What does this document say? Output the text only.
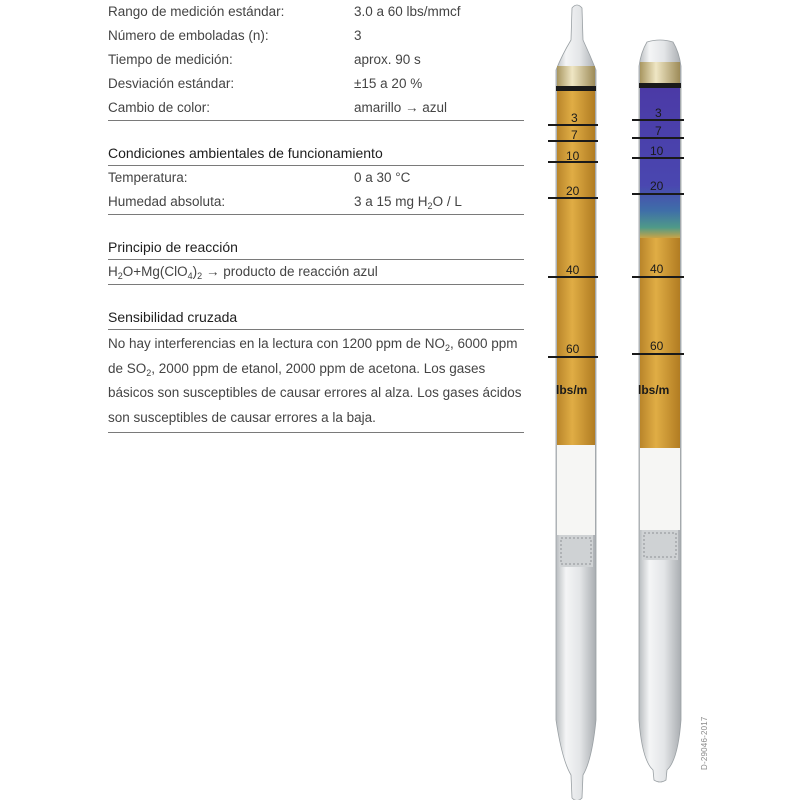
Rango de medición estándar:	3.0 a 60 lbs/mmcf
Número de emboladas (n):	3
Tiempo de medición:	aprox. 90 s
Desviación estándar:	±15 a 20 %
Cambio de color:	amarillo → azul
Condiciones ambientales de funcionamiento
Temperatura:	0 a 30 °C
Humedad absoluta:	3 a 15 mg $H_2O$ / L
Principio de reacción
$H_2O+Mg(ClO_4)_2$ → producto de reacción azul
Sensibilidad cruzada
No hay interferencias en la lectura con 1200 ppm de $NO_2$, 6000 ppm de $SO_2$, 2000 ppm de etanol, 2000 ppm de acetona. Los gases básicos son susceptibles de causar errores al alza. Los gases ácidos son susceptibles de causar errores a la baja.
3
7
10
20
40
60
lbs/m
3
7
10
20
40
60
lbs/m
D-29046-2017
